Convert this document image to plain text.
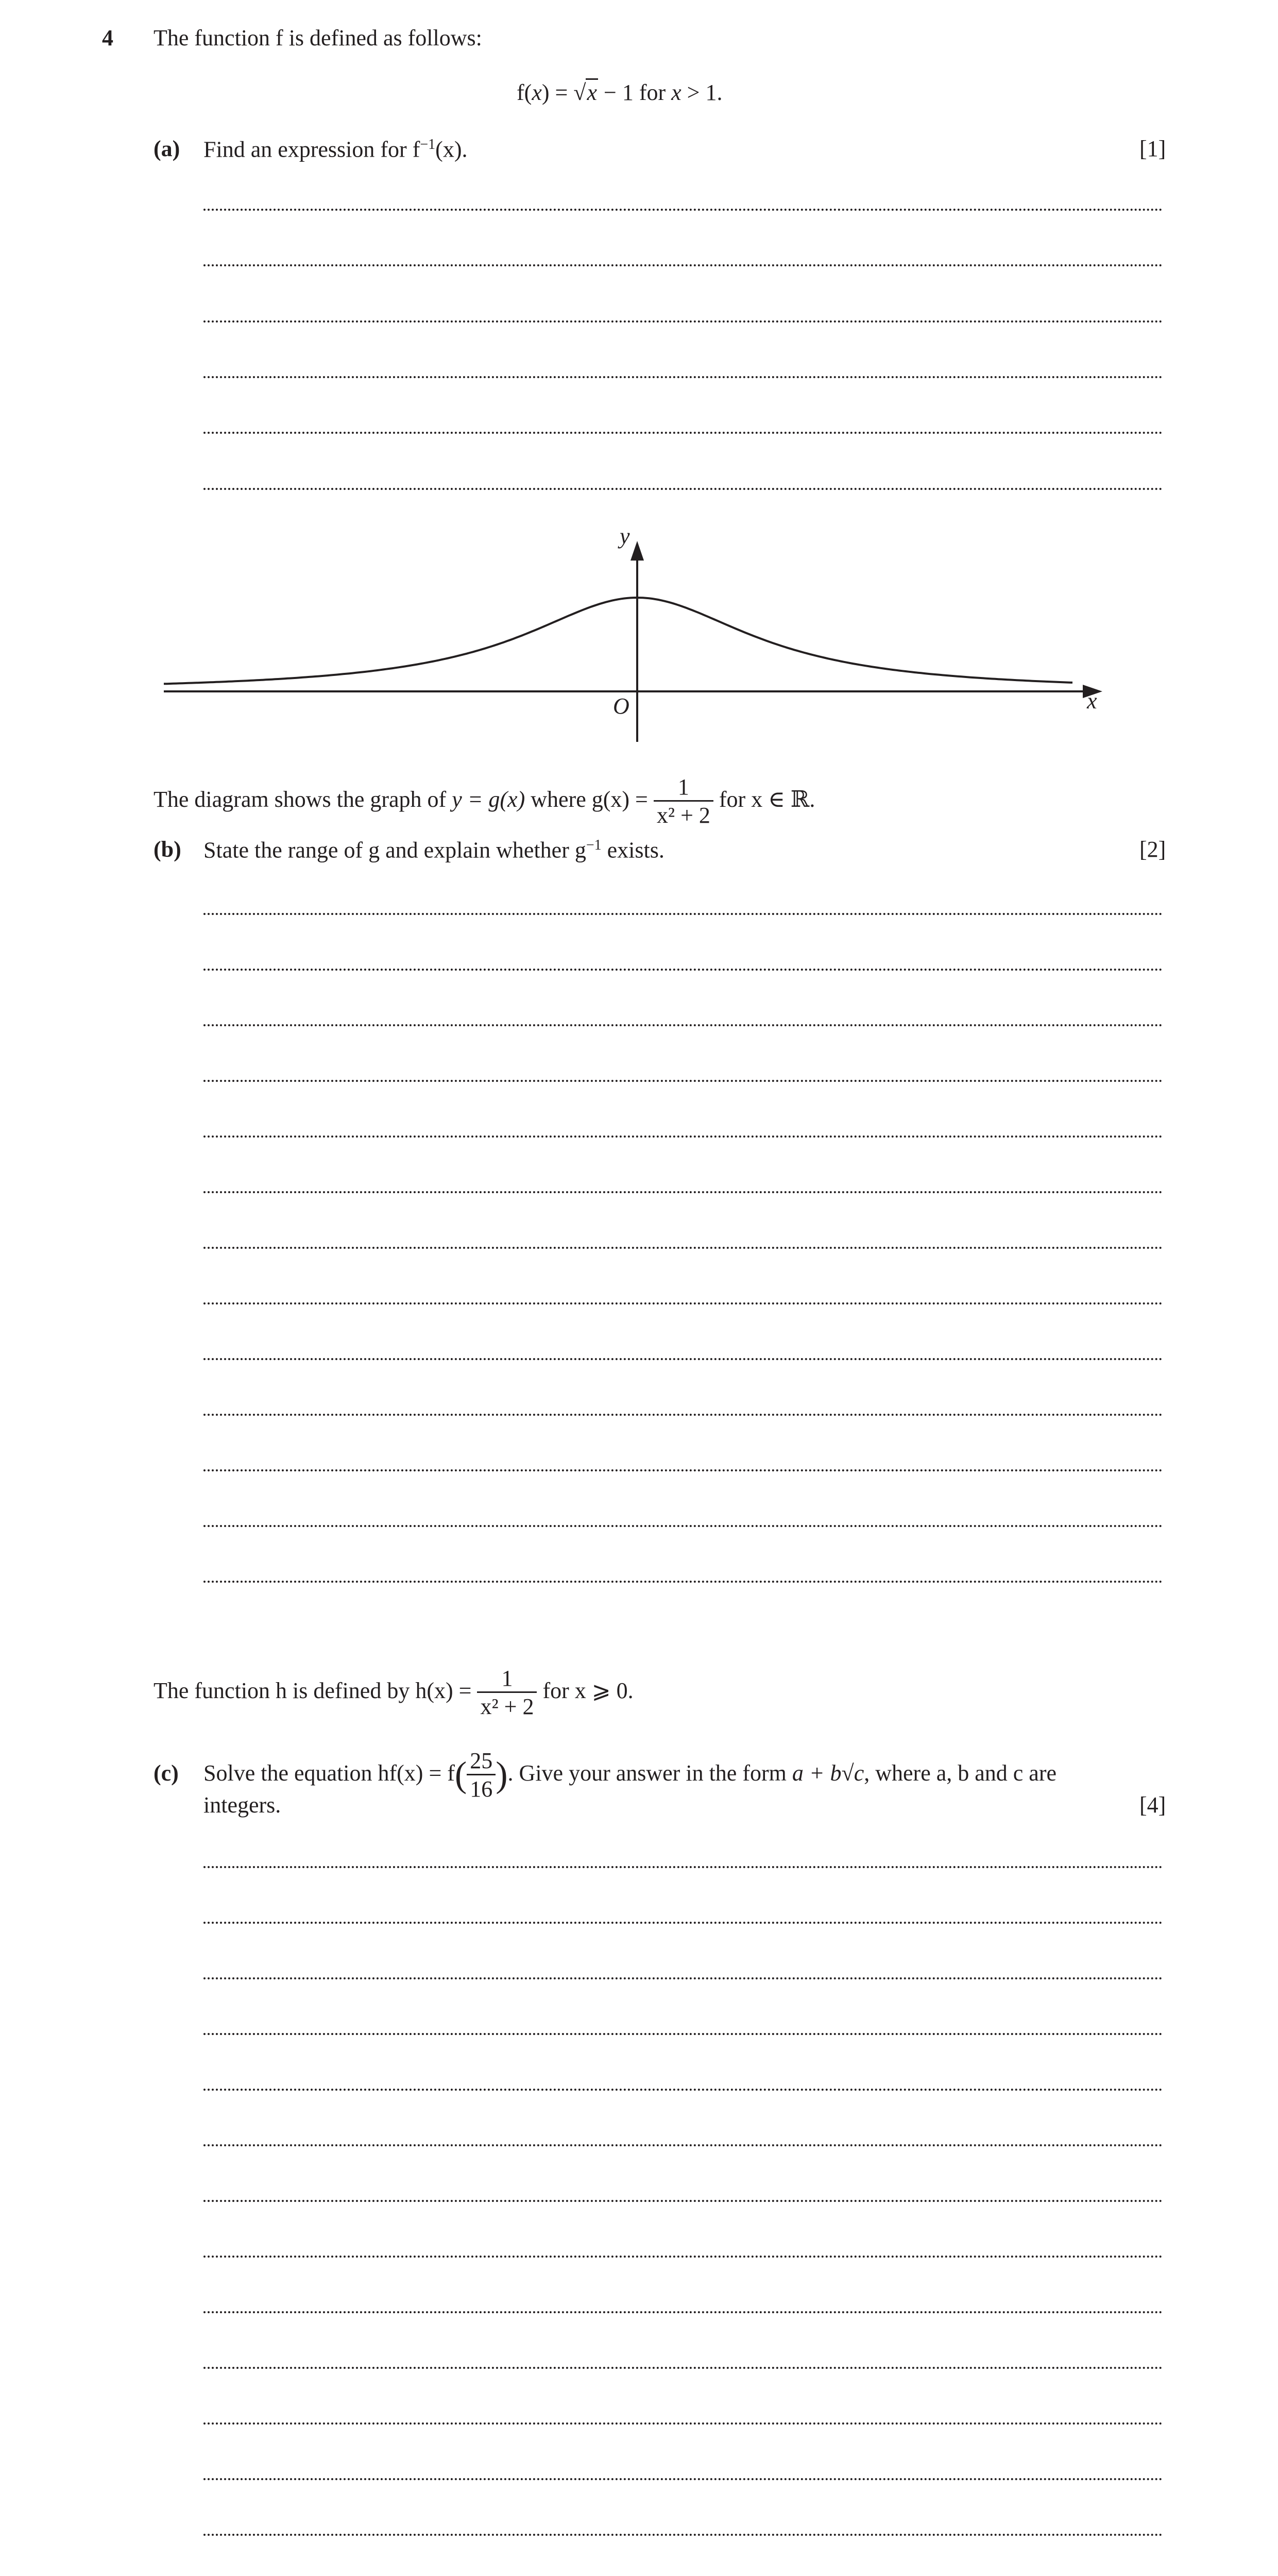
4 The function f is defined as follows:
f(x) = √x − 1 for x > 1.
(a) Find an expression for $f^{-1}(x)$.	[1]
y
x
O
The diagram shows the graph of y = g(x) where $g(x) = \frac{1}{\text{x² + 2}}$ for x ∈ ℝ.
(b) State the range of g and explain whether $g^{-1}$ exists.	[2]
The function h is defined by $h(x) = \frac{1}{\text{x² + 2}}$ for x ⩾ 0.
(c) Solve the equation $hf(x) = f( \frac{25}{16}$ ). Give your answer in the form a + b√c, where a, b and c are
integers.	[4]
